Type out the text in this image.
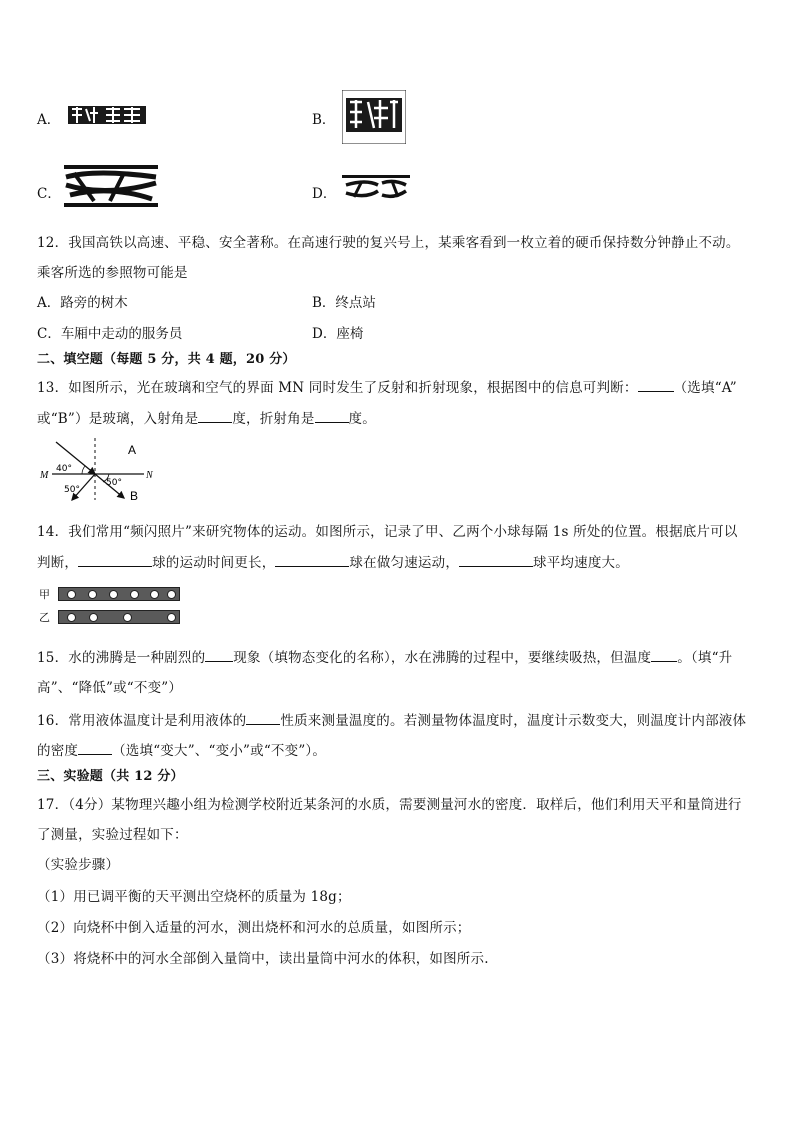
A．	B．
C．	D．
12．我国高铁以高速、平稳、安全著称。在高速行驶的复兴号上，某乘客看到一枚立着的硬币保持数分钟静止不动。
乘客所选的参照物可能是
A．路旁的树木	B．终点站
C．车厢中走动的服务员	D．座椅
二、填空题（每题 5 分，共 4 题，20 分）
13．如图所示，光在玻璃和空气的界面 MN 同时发生了反射和折射现象，根据图中的信息可判断：	（选填“A”
或“B”）是玻璃，入射角是	度，折射角是	度。
M	N
A
B
40°
50°
50°
14．我们常用“频闪照片”来研究物体的运动。如图所示，记录了甲、乙两个小球每隔 1s 所处的位置。根据底片可以
判断，	球的运动时间更长，	球在做匀速运动，	球平均速度大。
甲
乙
15．水的沸腾是一种剧烈的 现象（填物态变化的名称），水在沸腾的过程中，要继续吸热，但温度 。（填“升
高”、“降低”或“不变”）
16．常用液体温度计是利用液体的	性质来测量温度的。若测量物体温度时，温度计示数变大，则温度计内部液体
的密度	（选填“变大”、“变小”或“不变”）。
三、实验题（共 12 分）
17．（4分）某物理兴趣小组为检测学校附近某条河的水质，需要测量河水的密度．取样后，他们利用天平和量筒进行
了测量，实验过程如下：
（实验步骤）
（1）用已调平衡的天平测出空烧杯的质量为 18g；
（2）向烧杯中倒入适量的河水，测出烧杯和河水的总质量，如图所示；
（3）将烧杯中的河水全部倒入量筒中，读出量筒中河水的体积，如图所示.
